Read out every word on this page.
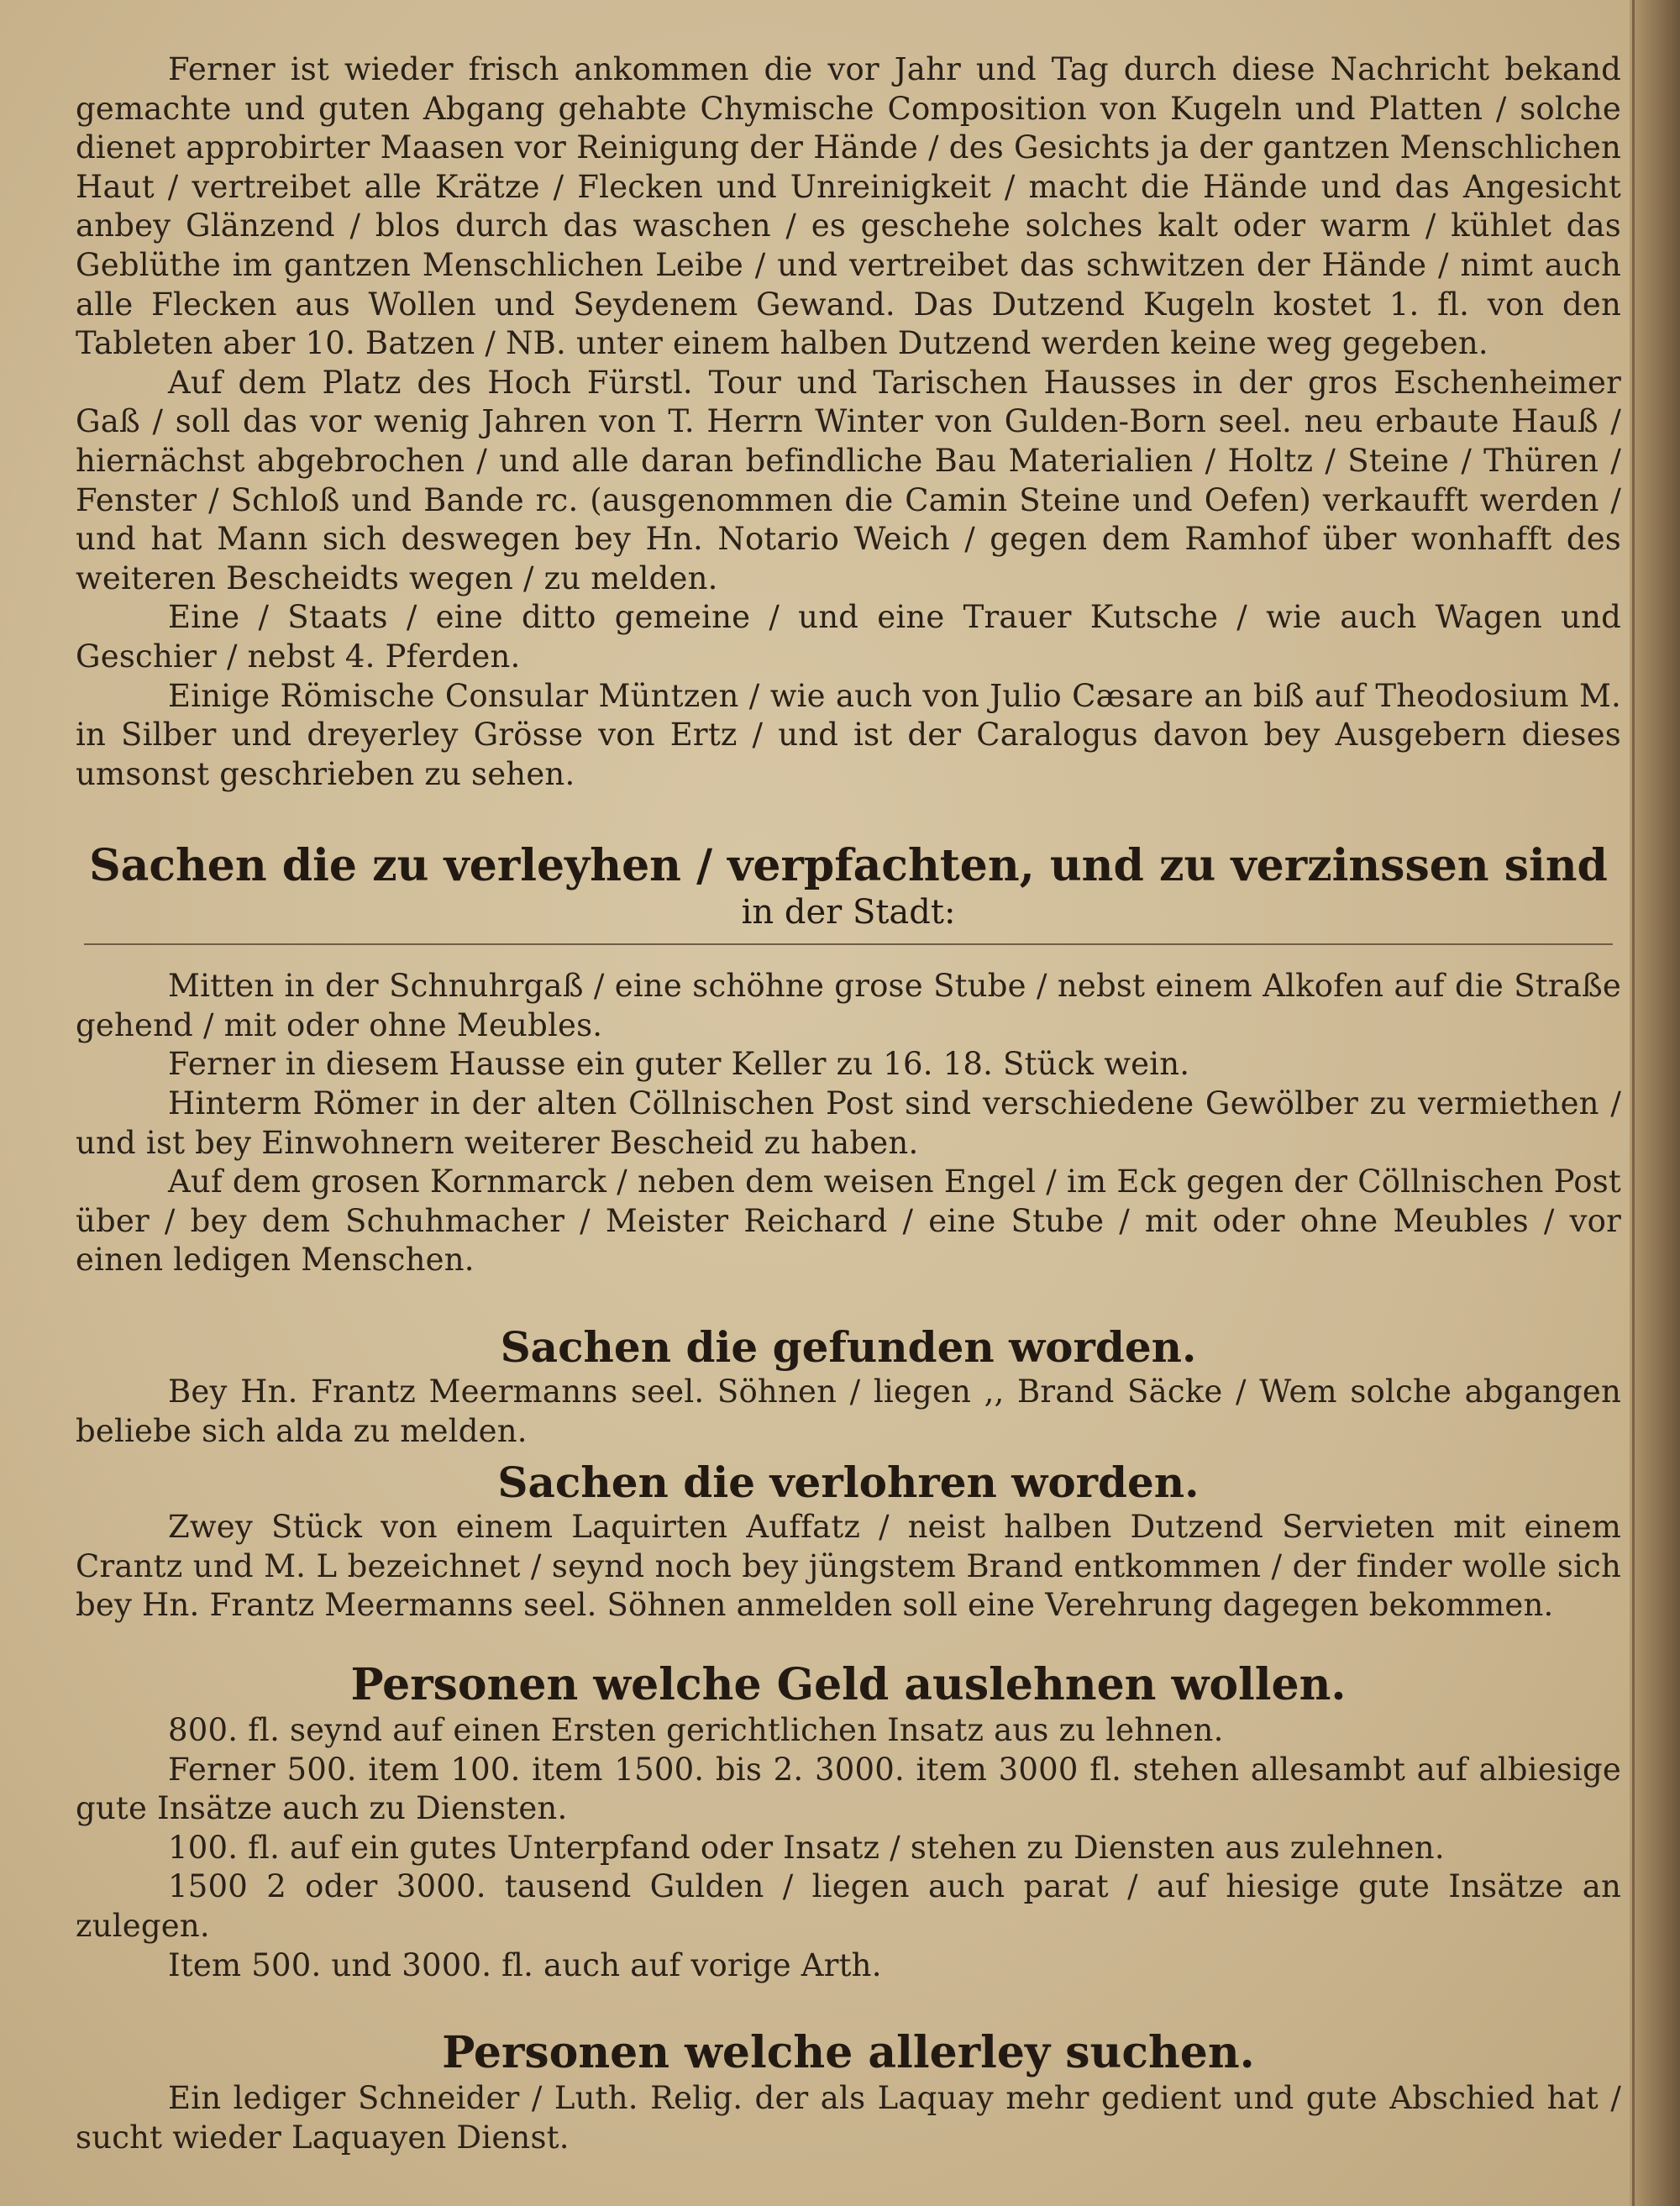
Ferner ist wieder frisch ankommen die vor Jahr und Tag durch diese Nachricht bekand gemachte und guten Abgang gehabte Chymische Composition von Kugeln und Platten / solche dienet approbirter Maasen vor Reinigung der Hände / des Gesichts ja der gantzen Menschlichen Haut / vertreibet alle Krätze / Flecken und Unreinigkeit / macht die Hände und das Angesicht anbey Glänzend / blos durch das waschen / es geschehe solches kalt oder warm / kühlet das Geblüthe im gantzen Menschlichen Leibe / und vertreibet das schwitzen der Hände / nimt auch alle Flecken aus Wollen und Seydenem Gewand. Das Dutzend Kugeln kostet 1. fl. von den Tableten aber 10. Batzen / NB. unter einem halben Dutzend werden keine weg gegeben.

Auf dem Platz des Hoch Fürstl. Tour und Tarischen Hausses in der gros Eschenheimer Gaß / soll das vor wenig Jahren von T. Herrn Winter von Gulden-Born seel. neu erbaute Hauß / hiernächst abgebrochen / und alle daran befindliche Bau Materialien / Holtz / Steine / Thüren / Fenster / Schloß und Bande rc. (ausgenommen die Camin Steine und Oefen) verkaufft werden / und hat Mann sich deswegen bey Hn. Notario Weich / gegen dem Ramhof über wonhafft des weiteren Bescheidts wegen / zu melden.

Eine / Staats / eine ditto gemeine / und eine Trauer Kutsche / wie auch Wagen und Geschier / nebst 4. Pferden.

Einige Römische Consular Müntzen / wie auch von Julio Cæsare an biß auf Theodosium M. in Silber und dreyerley Grösse von Ertz / und ist der Caralogus davon bey Ausgebern dieses umsonst geschrieben zu sehen.

Sachen die zu verleyhen / verpfachten, und zu verzinssen sind
in der Stadt:

Mitten in der Schnuhrgaß / eine schöhne grose Stube / nebst einem Alkofen auf die Straße gehend / mit oder ohne Meubles.

Ferner in diesem Hausse ein guter Keller zu 16. 18. Stück wein.

Hinterm Römer in der alten Cöllnischen Post sind verschiedene Gewölber zu vermiethen / und ist bey Einwohnern weiterer Bescheid zu haben.

Auf dem grosen Kornmarck / neben dem weisen Engel / im Eck gegen der Cöllnischen Post über / bey dem Schuhmacher / Meister Reichard / eine Stube / mit oder ohne Meubles / vor einen ledigen Menschen.

Sachen die gefunden worden.

Bey Hn. Frantz Meermanns seel. Söhnen / liegen ,, Brand Säcke / Wem solche abgangen beliebe sich alda zu melden.

Sachen die verlohren worden.

Zwey Stück von einem Laquirten Auffatz / neist halben Dutzend Servieten mit einem Crantz und M. L bezeichnet / seynd noch bey jüngstem Brand entkommen / der finder wolle sich bey Hn. Frantz Meermanns seel. Söhnen anmelden soll eine Verehrung dagegen bekommen.

Personen welche Geld auslehnen wollen.

800. fl. seynd auf einen Ersten gerichtlichen Insatz aus zu lehnen.

Ferner 500. item 100. item 1500. bis 2. 3000. item 3000 fl. stehen allesambt auf albiesige gute Insätze auch zu Diensten.

100. fl. auf ein gutes Unterpfand oder Insatz / stehen zu Diensten aus zulehnen.

1500 2 oder 3000. tausend Gulden / liegen auch parat / auf hiesige gute Insätze an zulegen.

Item 500. und 3000. fl. auch auf vorige Arth.

Personen welche allerley suchen.

Ein lediger Schneider / Luth. Relig. der als Laquay mehr gedient und gute Abschied hat / sucht wieder Laquayen Dienst.
